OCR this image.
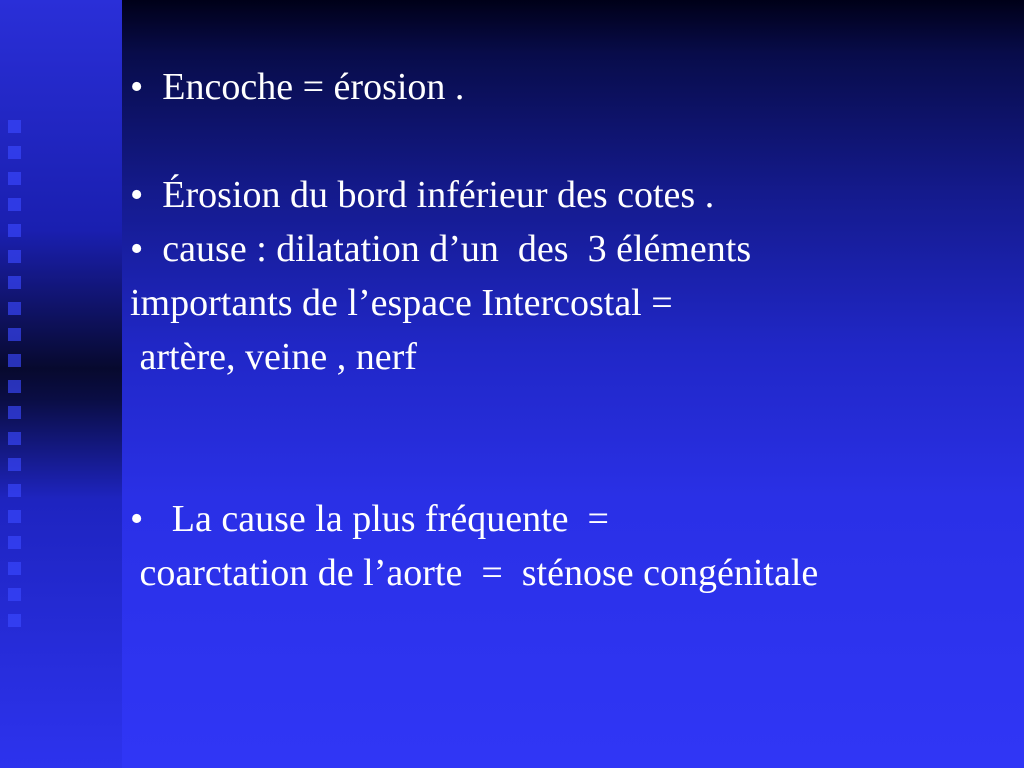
•  Encoche = érosion .
•  Érosion du bord inférieur des cotes .
•  cause : dilatation d’un  des  3 éléments
importants de l’espace Intercostal =
artère, veine , nerf
•   La cause la plus fréquente  =
coarctation de l’aorte  =  sténose congénitale
